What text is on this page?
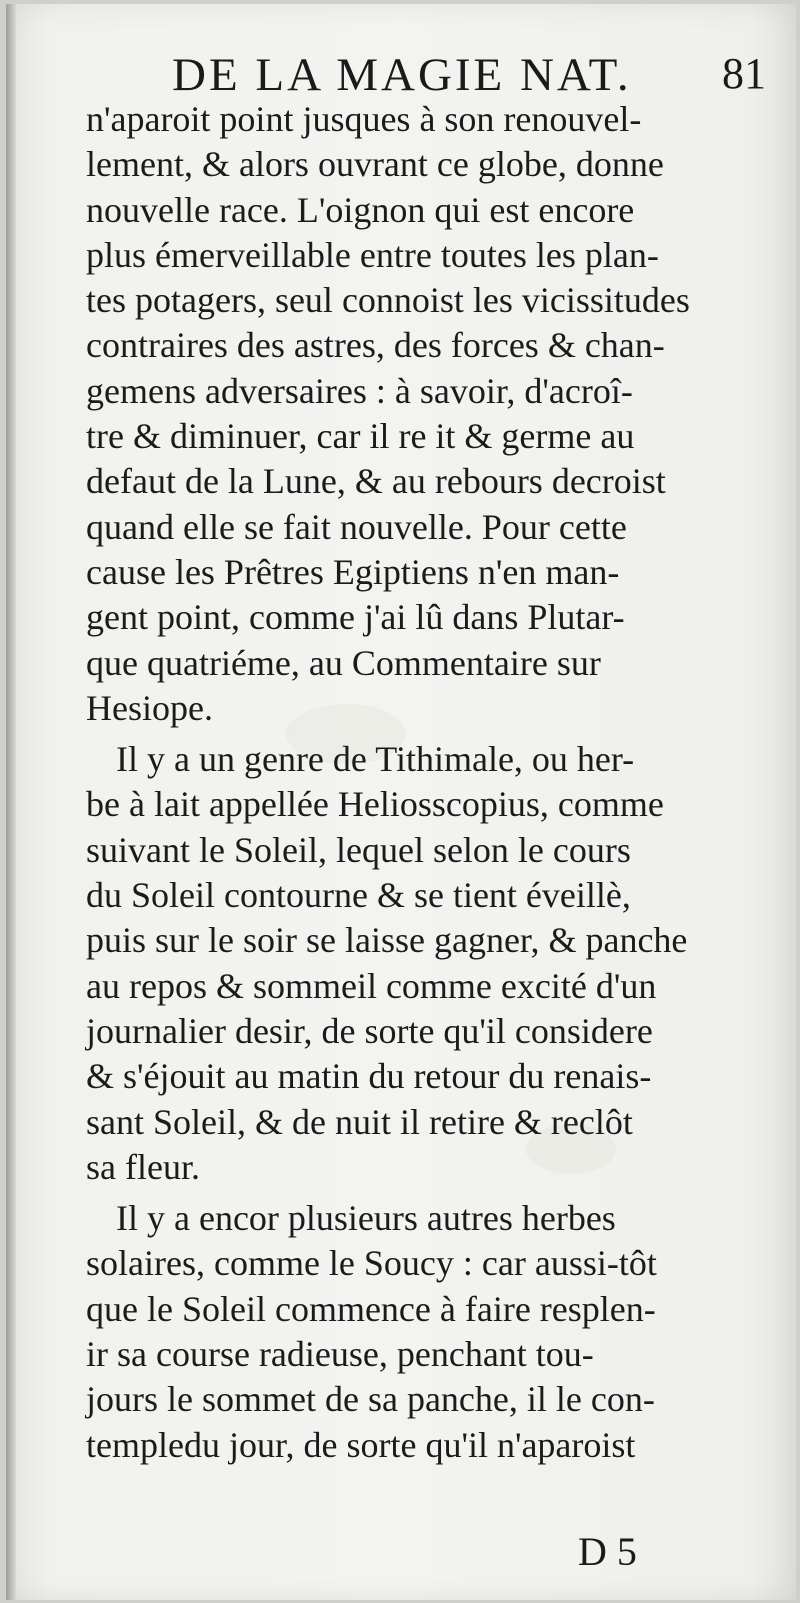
DE LA MAGIE NAT. 81
n'aparoit point jusques à son renouvel-
lement, & alors ouvrant ce globe, donne
nouvelle race. L'oignon qui est encore
plus émerveillable entre toutes les plan-
tes potagers, seul connoist les vicissitudes
contraires des astres, des forces & chan-
gemens adversaires : à savoir, d'acroî-
tre & diminuer, car il re it & germe au
defaut de la Lune, & au rebours decroist
quand elle se fait nouvelle. Pour cette
cause les Prêtres Egiptiens n'en man-
gent point, comme j'ai lû dans Plutar-
que quatriéme, au Commentaire sur
Hesiope.
Il y a un genre de Tithimale, ou her-
be à lait appellée Heliosscopius, comme
suivant le Soleil, lequel selon le cours
du Soleil contourne & se tient éveillè,
puis sur le soir se laisse gagner, & panche
au repos & sommeil comme excité d'un
journalier desir, de sorte qu'il considere
& s'éjouit au matin du retour du renais-
sant Soleil, & de nuit il retire & reclôt
sa fleur.
Il y a encor plusieurs autres herbes
solaires, comme le Soucy : car aussi-tôt
que le Soleil commence à faire resplen-
ir sa course radieuse, penchant tou-
jours le sommet de sa panche, il le con-
templedu jour, de sorte qu'il n'aparoist
D 5
